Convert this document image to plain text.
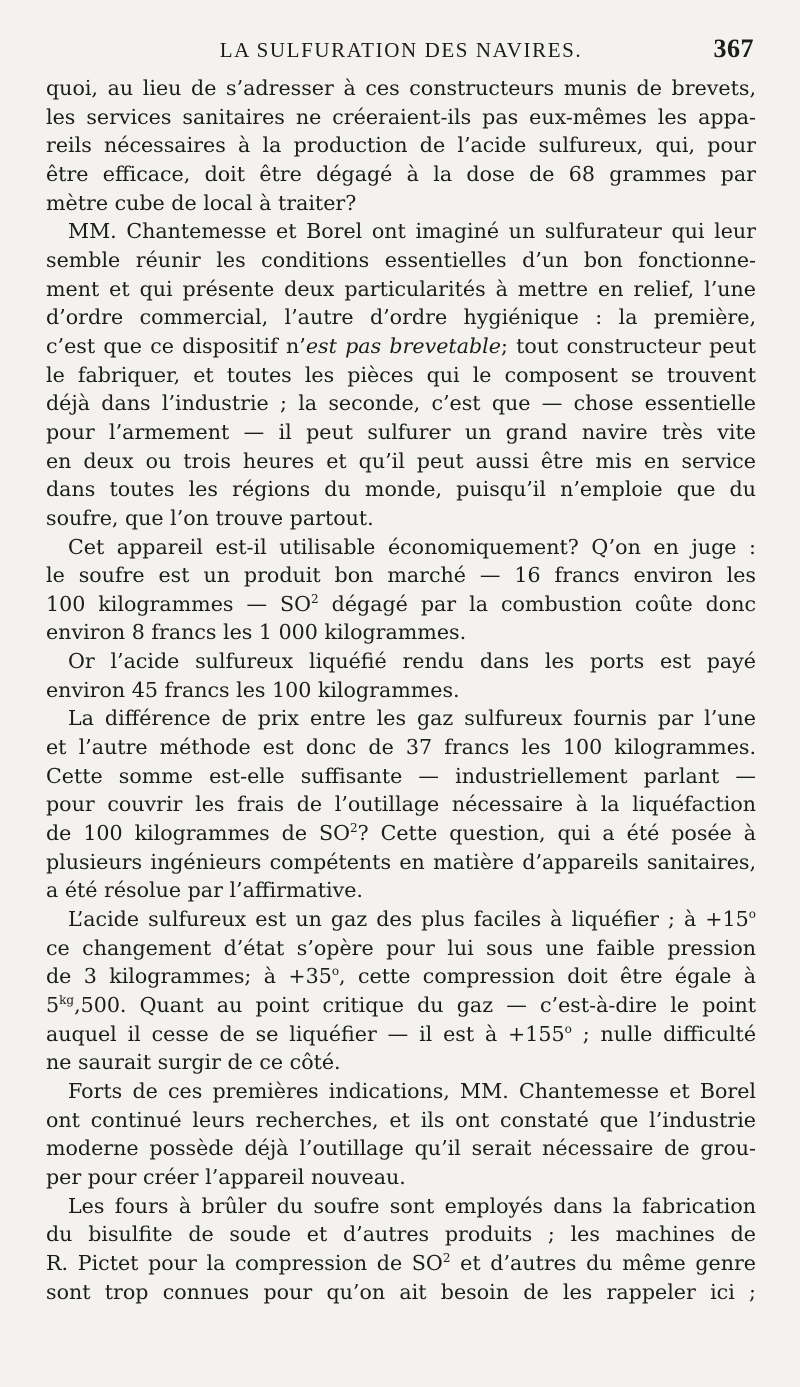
LA SULFURATION DES NAVIRES.	367

quoi, au lieu de s’adresser à ces constructeurs munis de brevets,
les services sanitaires ne créeraient-ils pas eux-mêmes les appa-
reils nécessaires à la production de l’acide sulfureux, qui, pour
être efficace, doit être dégagé à la dose de 68 grammes par
mètre cube de local à traiter?

MM. Chantemesse et Borel ont imaginé un sulfurateur qui leur
semble réunir les conditions essentielles d’un bon fonctionne-
ment et qui présente deux particularités à mettre en relief, l’une
d’ordre commercial, l’autre d’ordre hygiénique : la première,
c’est que ce dispositif n’est pas brevetable; tout constructeur peut
le fabriquer, et toutes les pièces qui le composent se trouvent
déjà dans l’industrie ; la seconde, c’est que — chose essentielle
pour l’armement — il peut sulfurer un grand navire très vite
en deux ou trois heures et qu’il peut aussi être mis en service
dans toutes les régions du monde, puisqu’il n’emploie que du
soufre, que l’on trouve partout.

Cet appareil est-il utilisable économiquement? Q’on en juge :
le soufre est un produit bon marché — 16 francs environ les
100 kilogrammes — $SO^2$ dégagé par la combustion coûte donc
environ 8 francs les 1 000 kilogrammes.

Or l’acide sulfureux liquéfié rendu dans les ports est payé
environ 45 francs les 100 kilogrammes.

La différence de prix entre les gaz sulfureux fournis par l’une
et l’autre méthode est donc de 37 francs les 100 kilogrammes.
Cette somme est-elle suffisante — industriellement parlant —
pour couvrir les frais de l’outillage nécessaire à la liquéfaction
de 100 kilogrammes de $SO^2$? Cette question, qui a été posée à
plusieurs ingénieurs compétents en matière d’appareils sanitaires,
a été résolue par l’affirmative.

L’acide sulfureux est un gaz des plus faciles à liquéfier ; à $+15^o$
ce changement d’état s’opère pour lui sous une faible pression
de 3 kilogrammes; à $+35^o$, cette compression doit être égale à
$5^{kg},500$. Quant au point critique du gaz — c’est-à-dire le point
auquel il cesse de se liquéfier — il est à $+155^o$ ; nulle difficulté
ne saurait surgir de ce côté.

Forts de ces premières indications, MM. Chantemesse et Borel
ont continué leurs recherches, et ils ont constaté que l’industrie
moderne possède déjà l’outillage qu’il serait nécessaire de grou-
per pour créer l’appareil nouveau.

Les fours à brûler du soufre sont employés dans la fabrication
du bisulfite de soude et d’autres produits ; les machines de
R. Pictet pour la compression de $SO^2$ et d’autres du même genre
sont trop connues pour qu’on ait besoin de les rappeler ici ;
